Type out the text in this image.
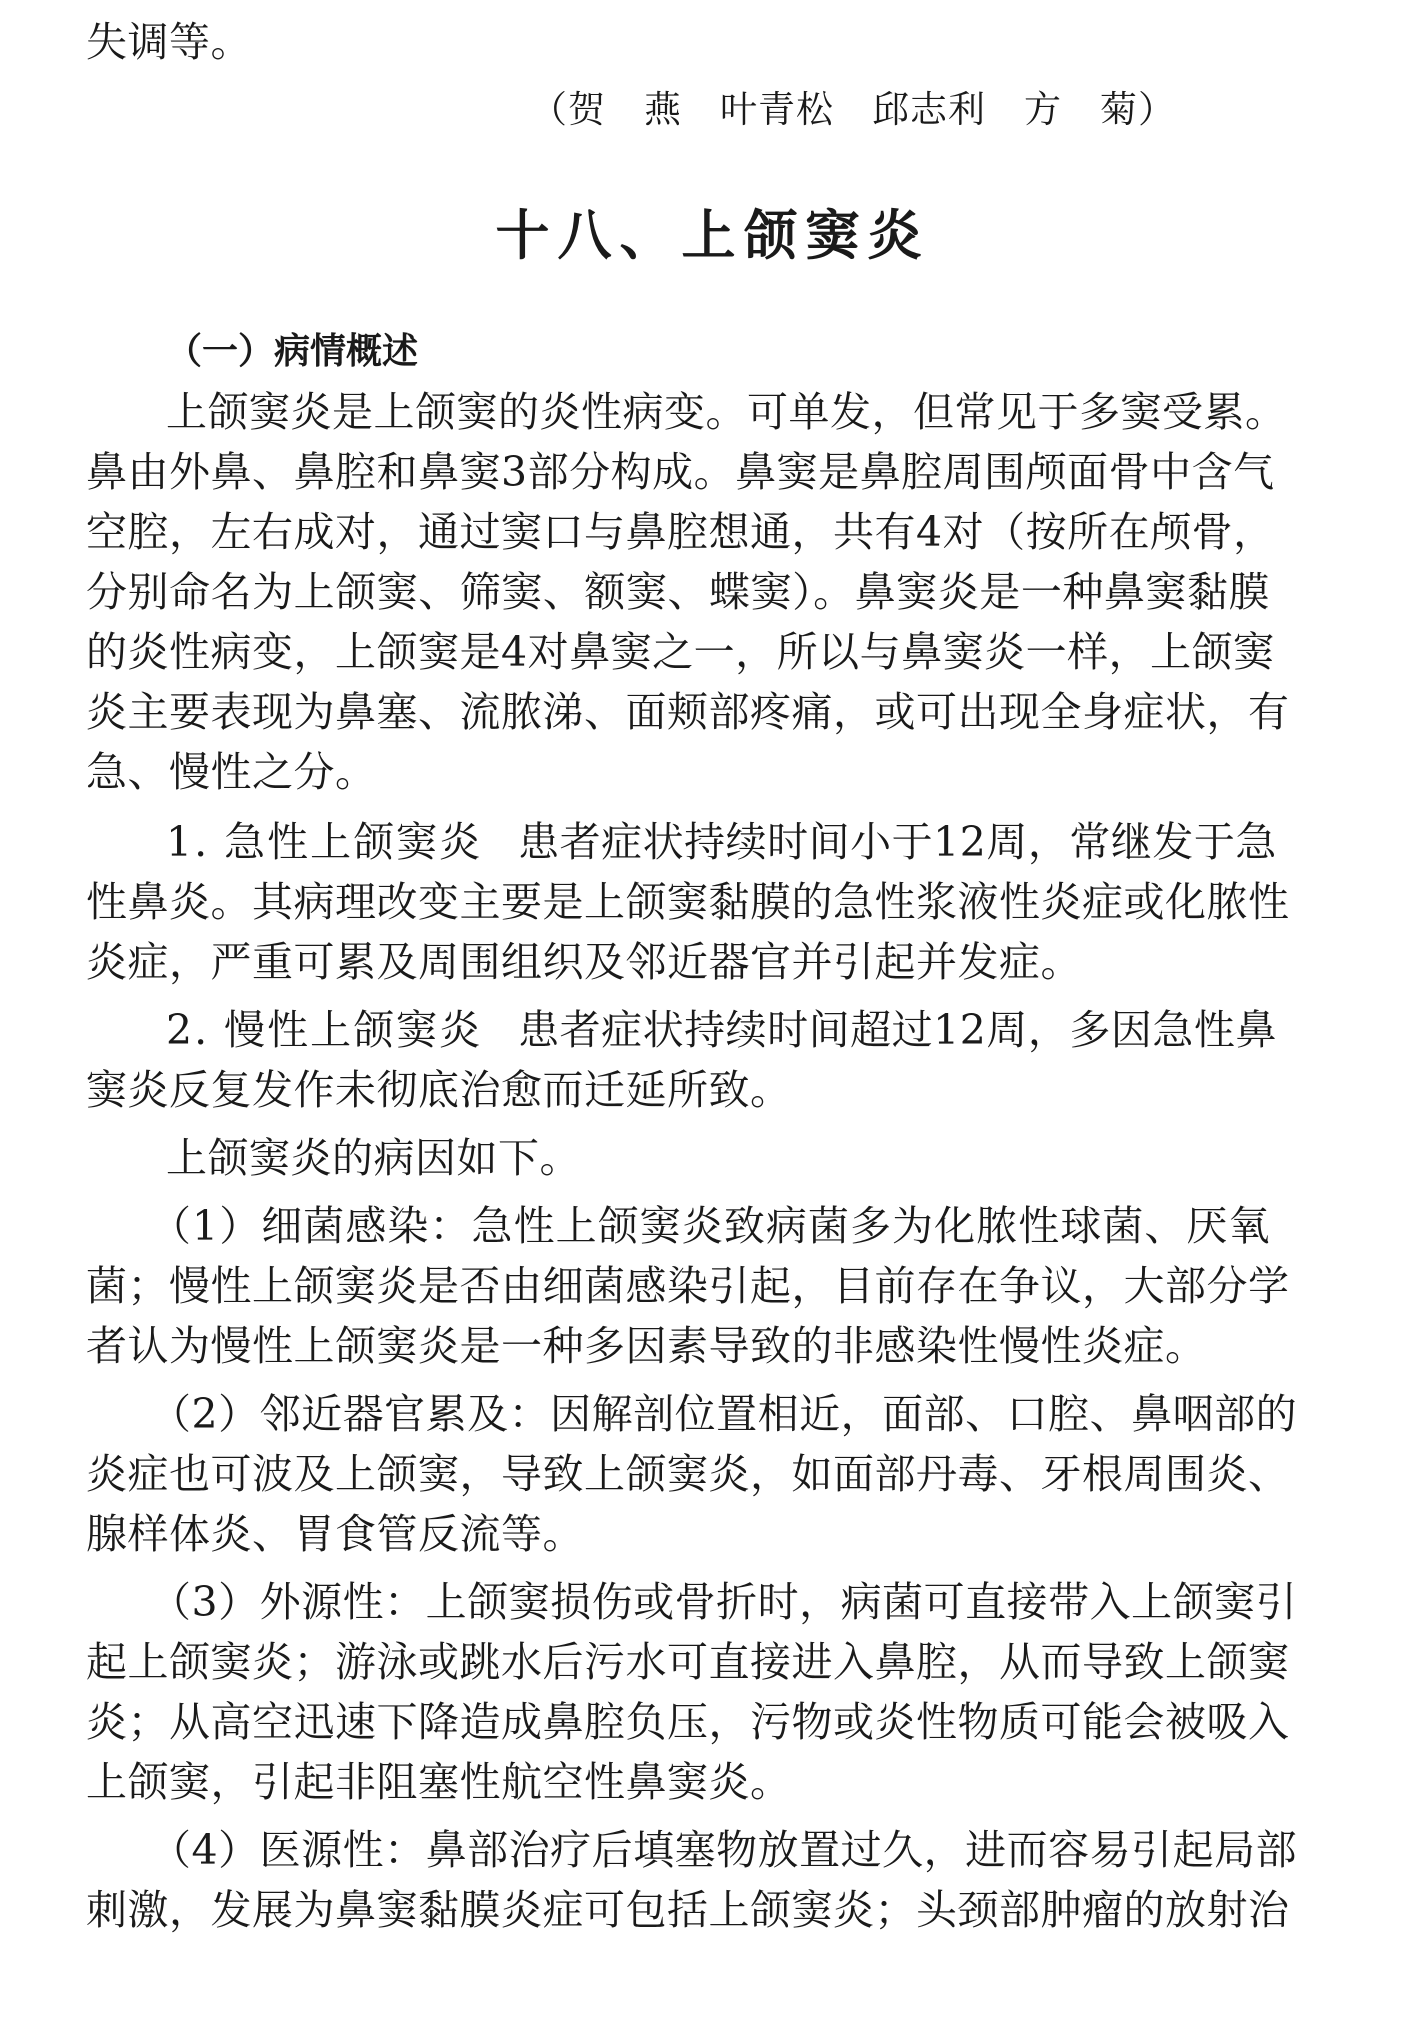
失调等。
（贺　燕　叶青松　邱志利　方　菊）
十八、上颌窦炎
（一）病情概述
上颌窦炎是上颌窦的炎性病变。可单发，但常见于多窦受累。
鼻由外鼻、鼻腔和鼻窦3部分构成。鼻窦是鼻腔周围颅面骨中含气
空腔，左右成对，通过窦口与鼻腔想通，共有4对（按所在颅骨，
分别命名为上颌窦、筛窦、额窦、蝶窦）。鼻窦炎是一种鼻窦黏膜
的炎性病变，上颌窦是4对鼻窦之一，所以与鼻窦炎一样，上颌窦
炎主要表现为鼻塞、流脓涕、面颊部疼痛，或可出现全身症状，有
急、慢性之分。
1. 急性上颌窦炎 患者症状持续时间小于12周，常继发于急
性鼻炎。其病理改变主要是上颌窦黏膜的急性浆液性炎症或化脓性
炎症，严重可累及周围组织及邻近器官并引起并发症。
2. 慢性上颌窦炎 患者症状持续时间超过12周，多因急性鼻
窦炎反复发作未彻底治愈而迁延所致。
上颌窦炎的病因如下。
（1）细菌感染：急性上颌窦炎致病菌多为化脓性球菌、厌氧
菌；慢性上颌窦炎是否由细菌感染引起，目前存在争议，大部分学
者认为慢性上颌窦炎是一种多因素导致的非感染性慢性炎症。
（2）邻近器官累及：因解剖位置相近，面部、口腔、鼻咽部的
炎症也可波及上颌窦，导致上颌窦炎，如面部丹毒、牙根周围炎、
腺样体炎、胃食管反流等。
（3）外源性：上颌窦损伤或骨折时，病菌可直接带入上颌窦引
起上颌窦炎；游泳或跳水后污水可直接进入鼻腔，从而导致上颌窦
炎；从高空迅速下降造成鼻腔负压，污物或炎性物质可能会被吸入
上颌窦，引起非阻塞性航空性鼻窦炎。
（4）医源性：鼻部治疗后填塞物放置过久，进而容易引起局部
刺激，发展为鼻窦黏膜炎症可包括上颌窦炎；头颈部肿瘤的放射治
